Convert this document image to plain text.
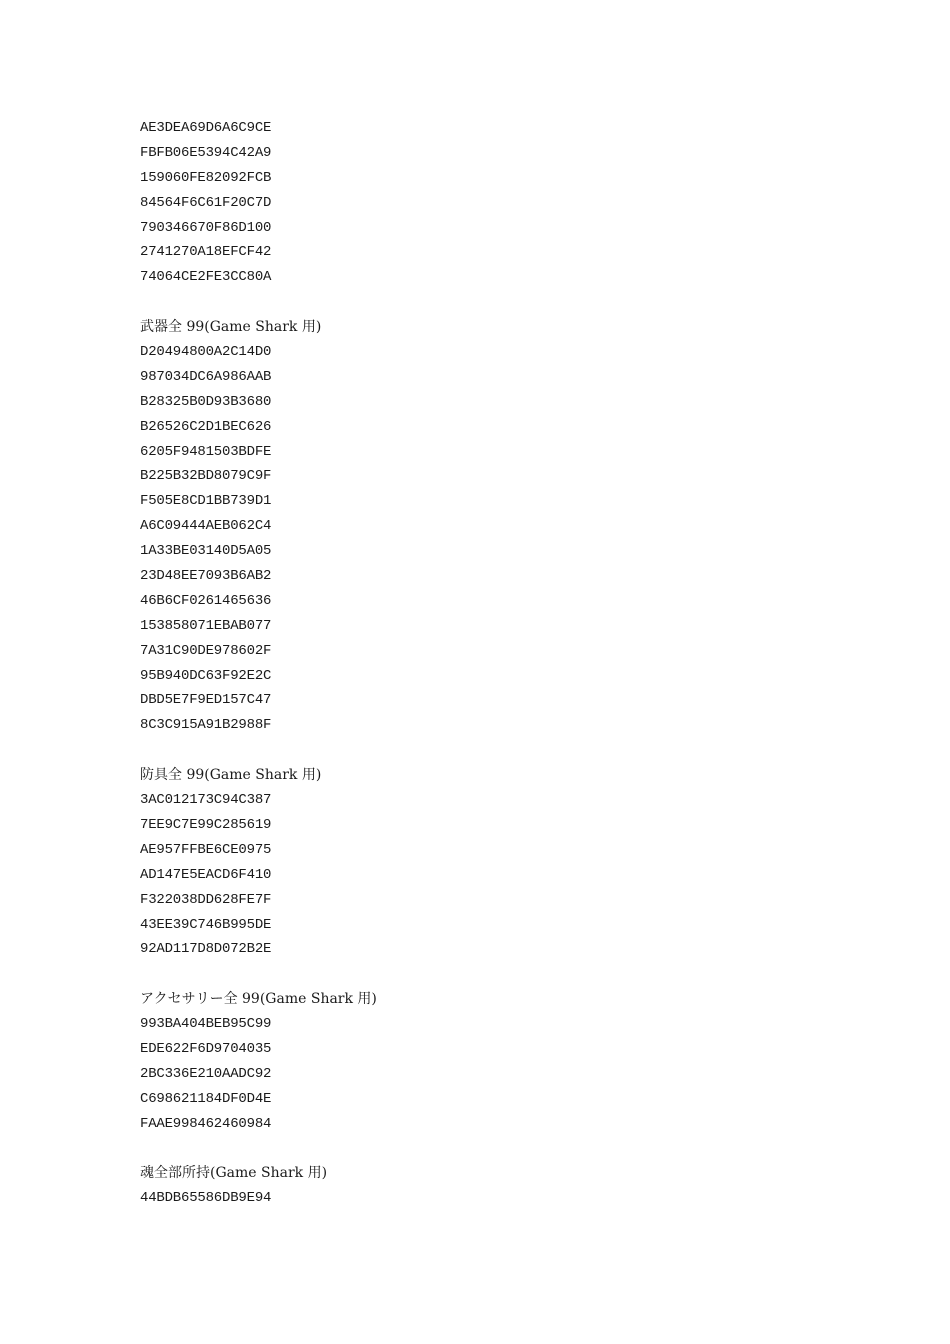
AE3DEA69D6A6C9CE
FBFB06E5394C42A9
159060FE82092FCB
84564F6C61F20C7D
790346670F86D100
2741270A18EFCF42
74064CE2FE3CC80A
武器全 99(Game Shark 用)
D20494800A2C14D0
987034DC6A986AAB
B28325B0D93B3680
B26526C2D1BEC626
6205F9481503BDFE
B225B32BD8079C9F
F505E8CD1BB739D1
A6C09444AEB062C4
1A33BE03140D5A05
23D48EE7093B6AB2
46B6CF0261465636
153858071EBAB077
7A31C90DE978602F
95B940DC63F92E2C
DBD5E7F9ED157C47
8C3C915A91B2988F
防具全 99(Game Shark 用)
3AC012173C94C387
7EE9C7E99C285619
AE957FFBE6CE0975
AD147E5EACD6F410
F322038DD628FE7F
43EE39C746B995DE
92AD117D8D072B2E
アクセサリー全 99(Game Shark 用)
993BA404BEB95C99
EDE622F6D9704035
2BC336E210AADC92
C698621184DF0D4E
FAAE998462460984
魂全部所持(Game Shark 用)
44BDB65586DB9E94
